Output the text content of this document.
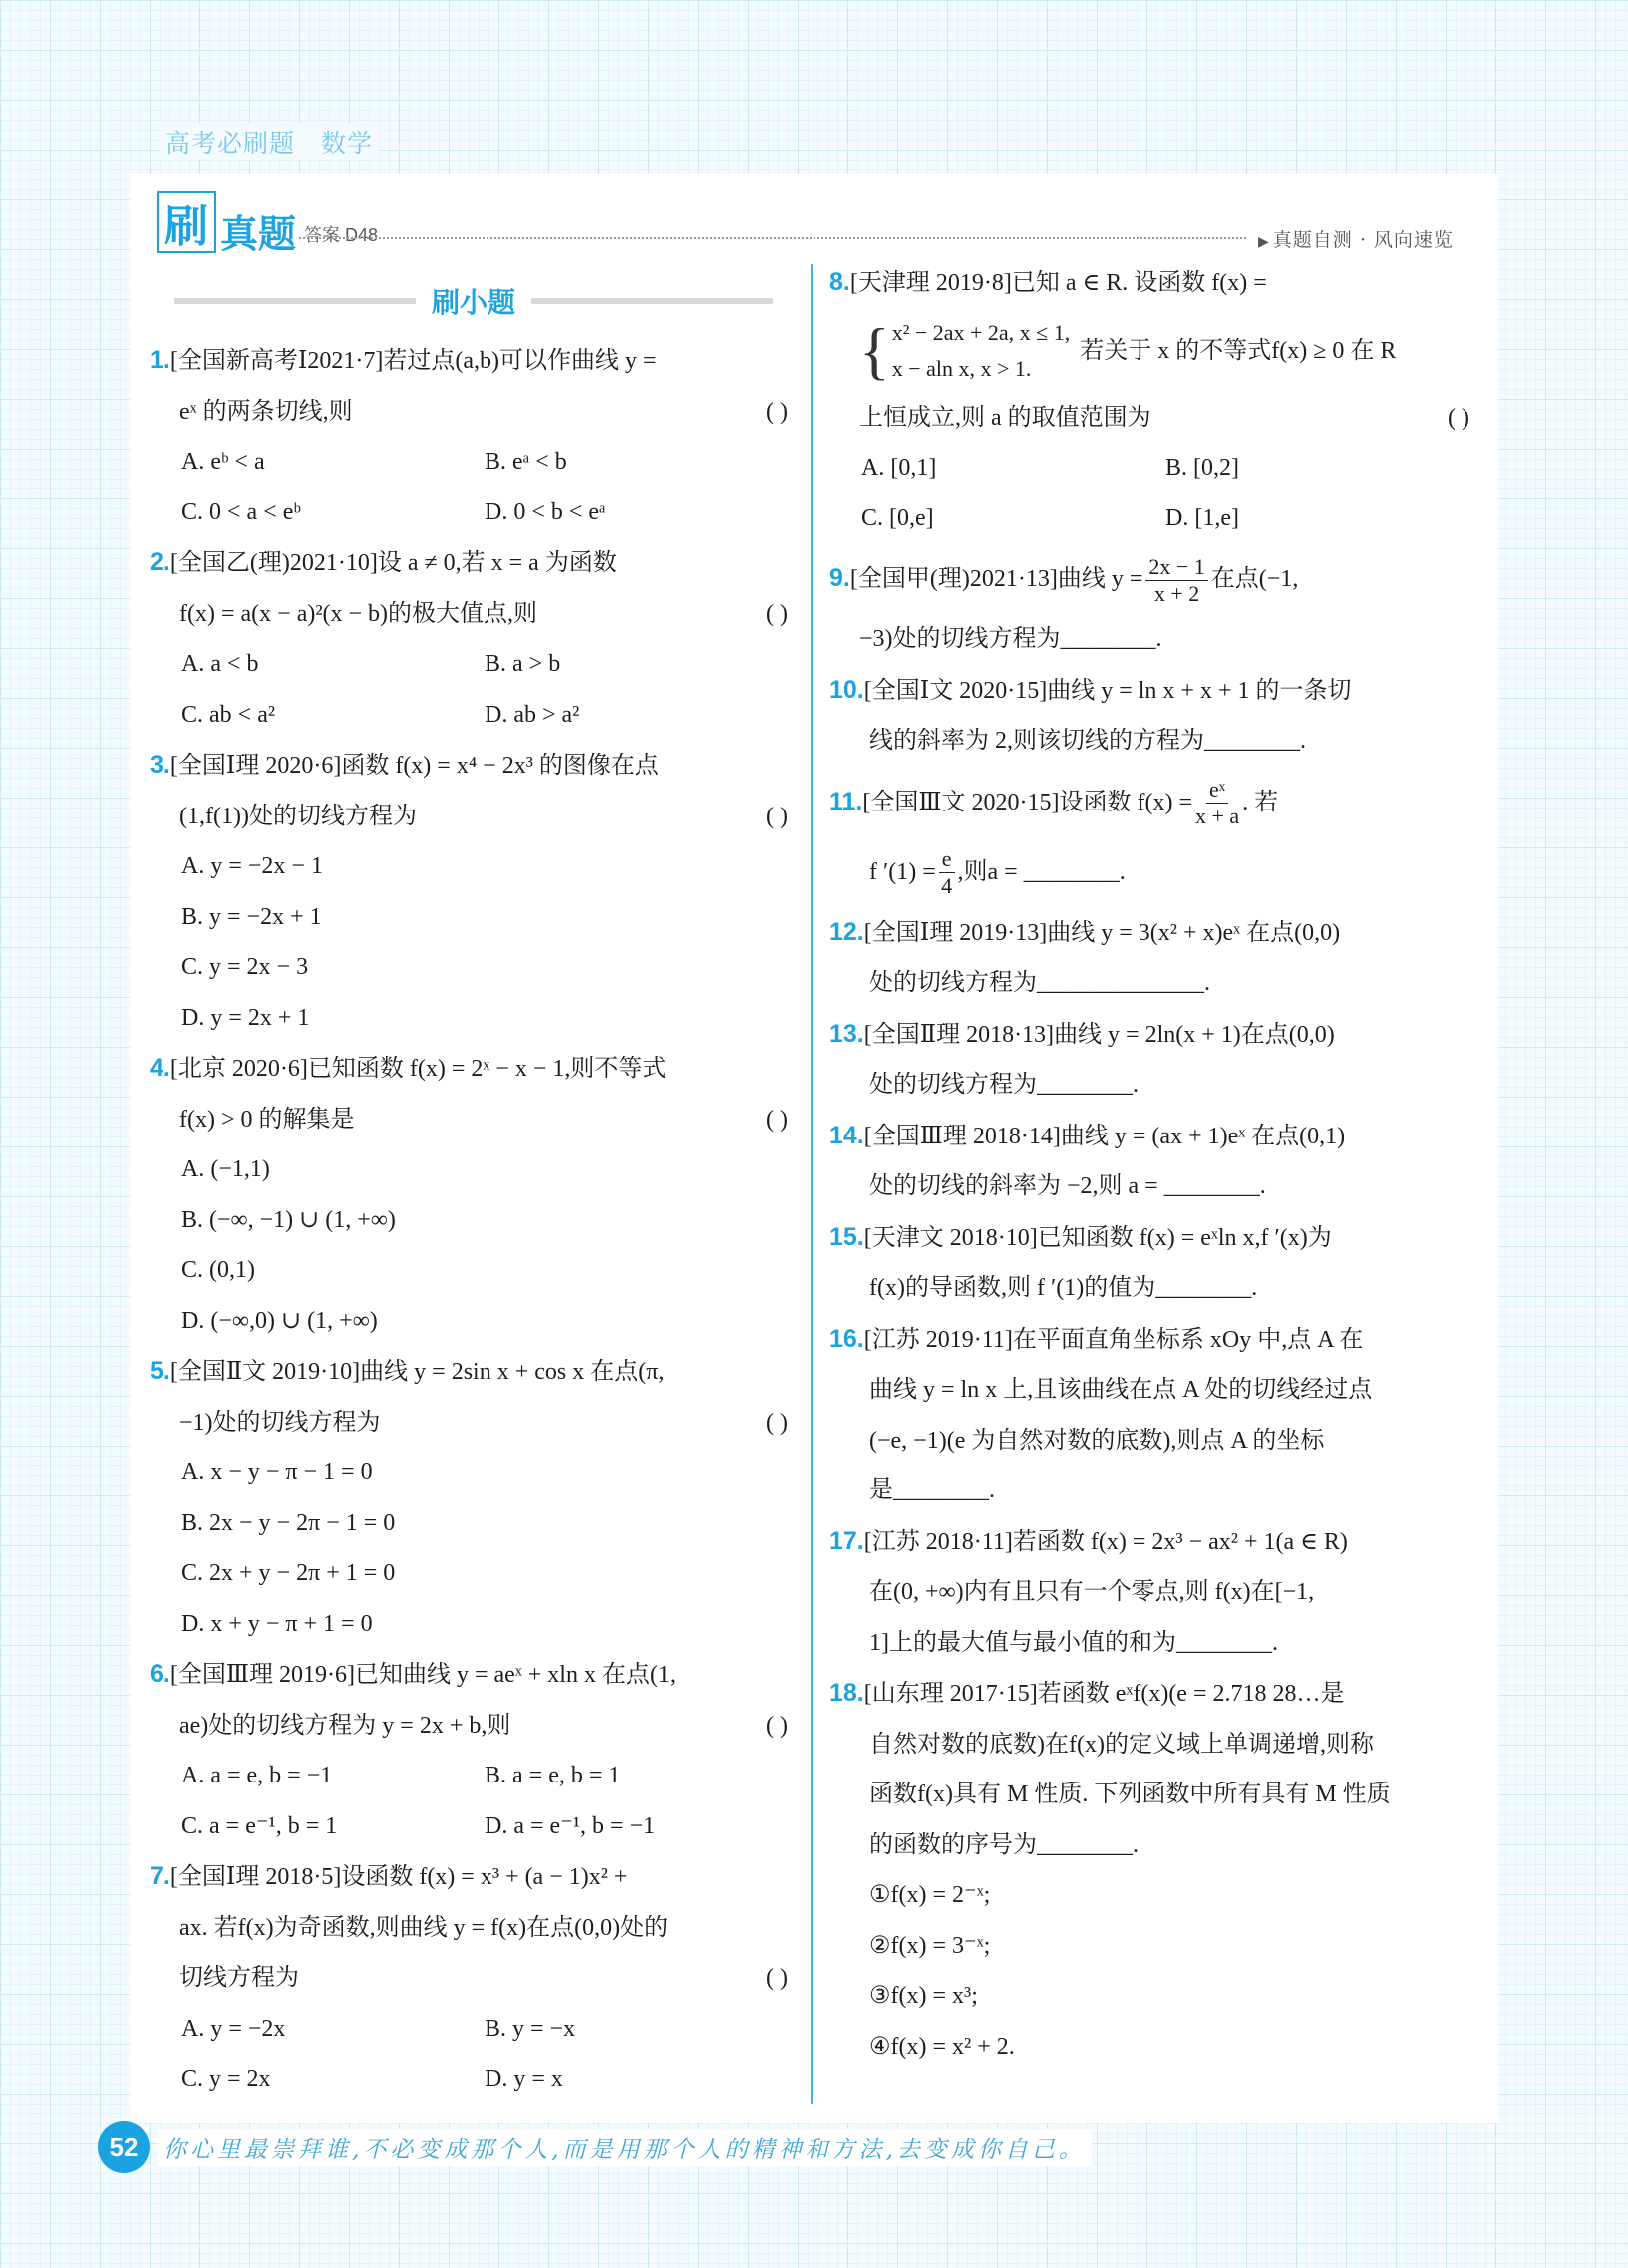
高考必刷题 数学
刷 真题 答案 D48	▶ 真题自测 · 风向速览
刷小题
1.[全国新高考Ⅰ2021·7]若过点(a,b)可以作曲线 y =
eˣ 的两条切线,则	( )
A. eᵇ < a	B. eᵃ < b
C. 0 < a < eᵇ	D. 0 < b < eᵃ
2.[全国乙(理)2021·10]设 a ≠ 0,若 x = a 为函数
f(x) = a(x − a)²(x − b)的极大值点,则	( )
A. a < b	B. a > b
C. ab < a²	D. ab > a²
3.[全国Ⅰ理 2020·6]函数 f(x) = x⁴ − 2x³ 的图像在点
(1,f(1))处的切线方程为	( )
A. y = −2x − 1
B. y = −2x + 1
C. y = 2x − 3
D. y = 2x + 1
4.[北京 2020·6]已知函数 f(x) = 2ˣ − x − 1,则不等式
f(x) > 0 的解集是	( )
A. (−1,1)
B. (−∞, −1) ∪ (1, +∞)
C. (0,1)
D. (−∞,0) ∪ (1, +∞)
5.[全国Ⅱ文 2019·10]曲线 y = 2sin x + cos x 在点(π,
−1)处的切线方程为	( )
A. x − y − π − 1 = 0
B. 2x − y − 2π − 1 = 0
C. 2x + y − 2π + 1 = 0
D. x + y − π + 1 = 0
6.[全国Ⅲ理 2019·6]已知曲线 y = aeˣ + xln x 在点(1,
ae)处的切线方程为 y = 2x + b,则	( )
A. a = e, b = −1	B. a = e, b = 1
C. a = e⁻¹, b = 1	D. a = e⁻¹, b = −1
7.[全国Ⅰ理 2018·5]设函数 f(x) = x³ + (a − 1)x² +
ax. 若f(x)为奇函数,则曲线 y = f(x)在点(0,0)处的
切线方程为	( )
A. y = −2x	B. y = −x
C. y = 2x	D. y = x
8.[天津理 2019·8]已知 a ∈ R. 设函数 f(x) =
{ x² − 2ax + 2a, x ≤ 1,
x − aln x, x > 1.
若关于 x 的不等式f(x) ≥ 0 在 R
上恒成立,则 a 的取值范围为	( )
A. [0,1]	B. [0,2]
C. [0,e]	D. [1,e]
9.[全国甲(理)2021·13]曲线 $y = \frac{2x - 1}{x + 2}$ 在点(−1,
−3)处的切线方程为________.
10.[全国Ⅰ文 2020·15]曲线 y = ln x + x + 1 的一条切
线的斜率为 2,则该切线的方程为________.
11.[全国Ⅲ文 2020·15]设函数 $f(x) = \frac{\text{eˣ}}{x + a}$ . 若
f $'(1) = \frac{e}{4}$ ,则a = ________.
12.[全国Ⅰ理 2019·13]曲线 y = 3(x² + x)eˣ 在点(0,0)
处的切线方程为______________.
13.[全国Ⅱ理 2018·13]曲线 y = 2ln(x + 1)在点(0,0)
处的切线方程为________.
14.[全国Ⅲ理 2018·14]曲线 y = (ax + 1)eˣ 在点(0,1)
处的切线的斜率为 −2,则 a = ________.
15.[天津文 2018·10]已知函数 f(x) = eˣln x,f ′(x)为
f(x)的导函数,则 f ′(1)的值为________.
16.[江苏 2019·11]在平面直角坐标系 xOy 中,点 A 在
曲线 y = ln x 上,且该曲线在点 A 处的切线经过点
(−e, −1)(e 为自然对数的底数),则点 A 的坐标
是________.
17.[江苏 2018·11]若函数 f(x) = 2x³ − ax² + 1(a ∈ R)
在(0, +∞)内有且只有一个零点,则 f(x)在[−1,
1]上的最大值与最小值的和为________.
18.[山东理 2017·15]若函数 eˣf(x)(e = 2.718 28…是
自然对数的底数)在f(x)的定义域上单调递增,则称
函数f(x)具有 M 性质. 下列函数中所有具有 M 性质
的函数的序号为________.
①f(x) = 2⁻ˣ;
②f(x) = 3⁻ˣ;
③f(x) = x³;
④f(x) = x² + 2.
52	你心里最崇拜谁,不必变成那个人,而是用那个人的精神和方法,去变成你自己。
